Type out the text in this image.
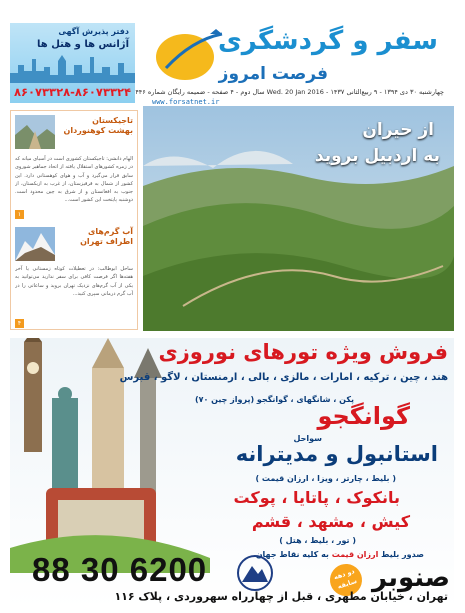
سفر و گردشگری
فرصت امروز
چهارشنبه ۳۰ دی ۱۳۹۴ - ۹ ربیع‌الثانی ۱۴۳۷ - Wed. 20 Jan 2016 سال دوم - ۴ صفحه - ضمیمه رایگان شماره ۴۴۶
www.forsatnet.ir
دفتر پذیرش آگهی
آژانس ها و هتل ها
۸۶۰۷۳۳۲۸-۸۶۰۷۳۳۲۴
تاجیکستان
بهشت کوهنوردان
الهام دانشی: تاجیکستان کشوری است در آسیای میانه که در زمره کشورهای استقلال یافته از اتحاد جماهیر شوروی سابق قرار می‌گیرد و آب و هوای کوهستانی دارد. این کشور از شمال به قرقیزستان، از غرب به ازبکستان، از جنوب به افغانستان و از شرق به چین محدود است. دوشنبه پایتخت این کشور است...
۱
آب گرم‌های
اطراف تهران
ساحل ابوطالب: در تعطیلات کوتاه زمستانی یا آخر هفته‌ها اگر فرصت کافی برای سفر ندارید می‌توانید به یکی از آب گرم‌های نزدیک تهران بروید و ساعاتی را در آب گرم درمانی سپری کنید...
۴
از حیران
به اردبیل بروید
فروش ویژه تورهای نوروزی
هند ، چین ، ترکیه ، امارات ، مالزی ، بالی ، ارمنستان ، لاگو ، قبرس
پکن ، شانگهای ، گوانگجو (پرواز چین ۷۰)
گوانگجو
سواحل
استانبول و مدیترانه
( بلیط ، چارتر ، ویزا ، ارزان قیمت )
بانکوک ، پاتایا ، پوکت
کیش ، مشهد ، قشم
( تور ، بلیط ، هتل )
صدور بلیط ارزان قیمت به کلیه نقاط جهان
دو دهه سابقه
88 30 6200	صنوبر
تهران ، خیابان مطهری ، قبل از چهارراه سهروردی ، پلاک ۱۱۶
